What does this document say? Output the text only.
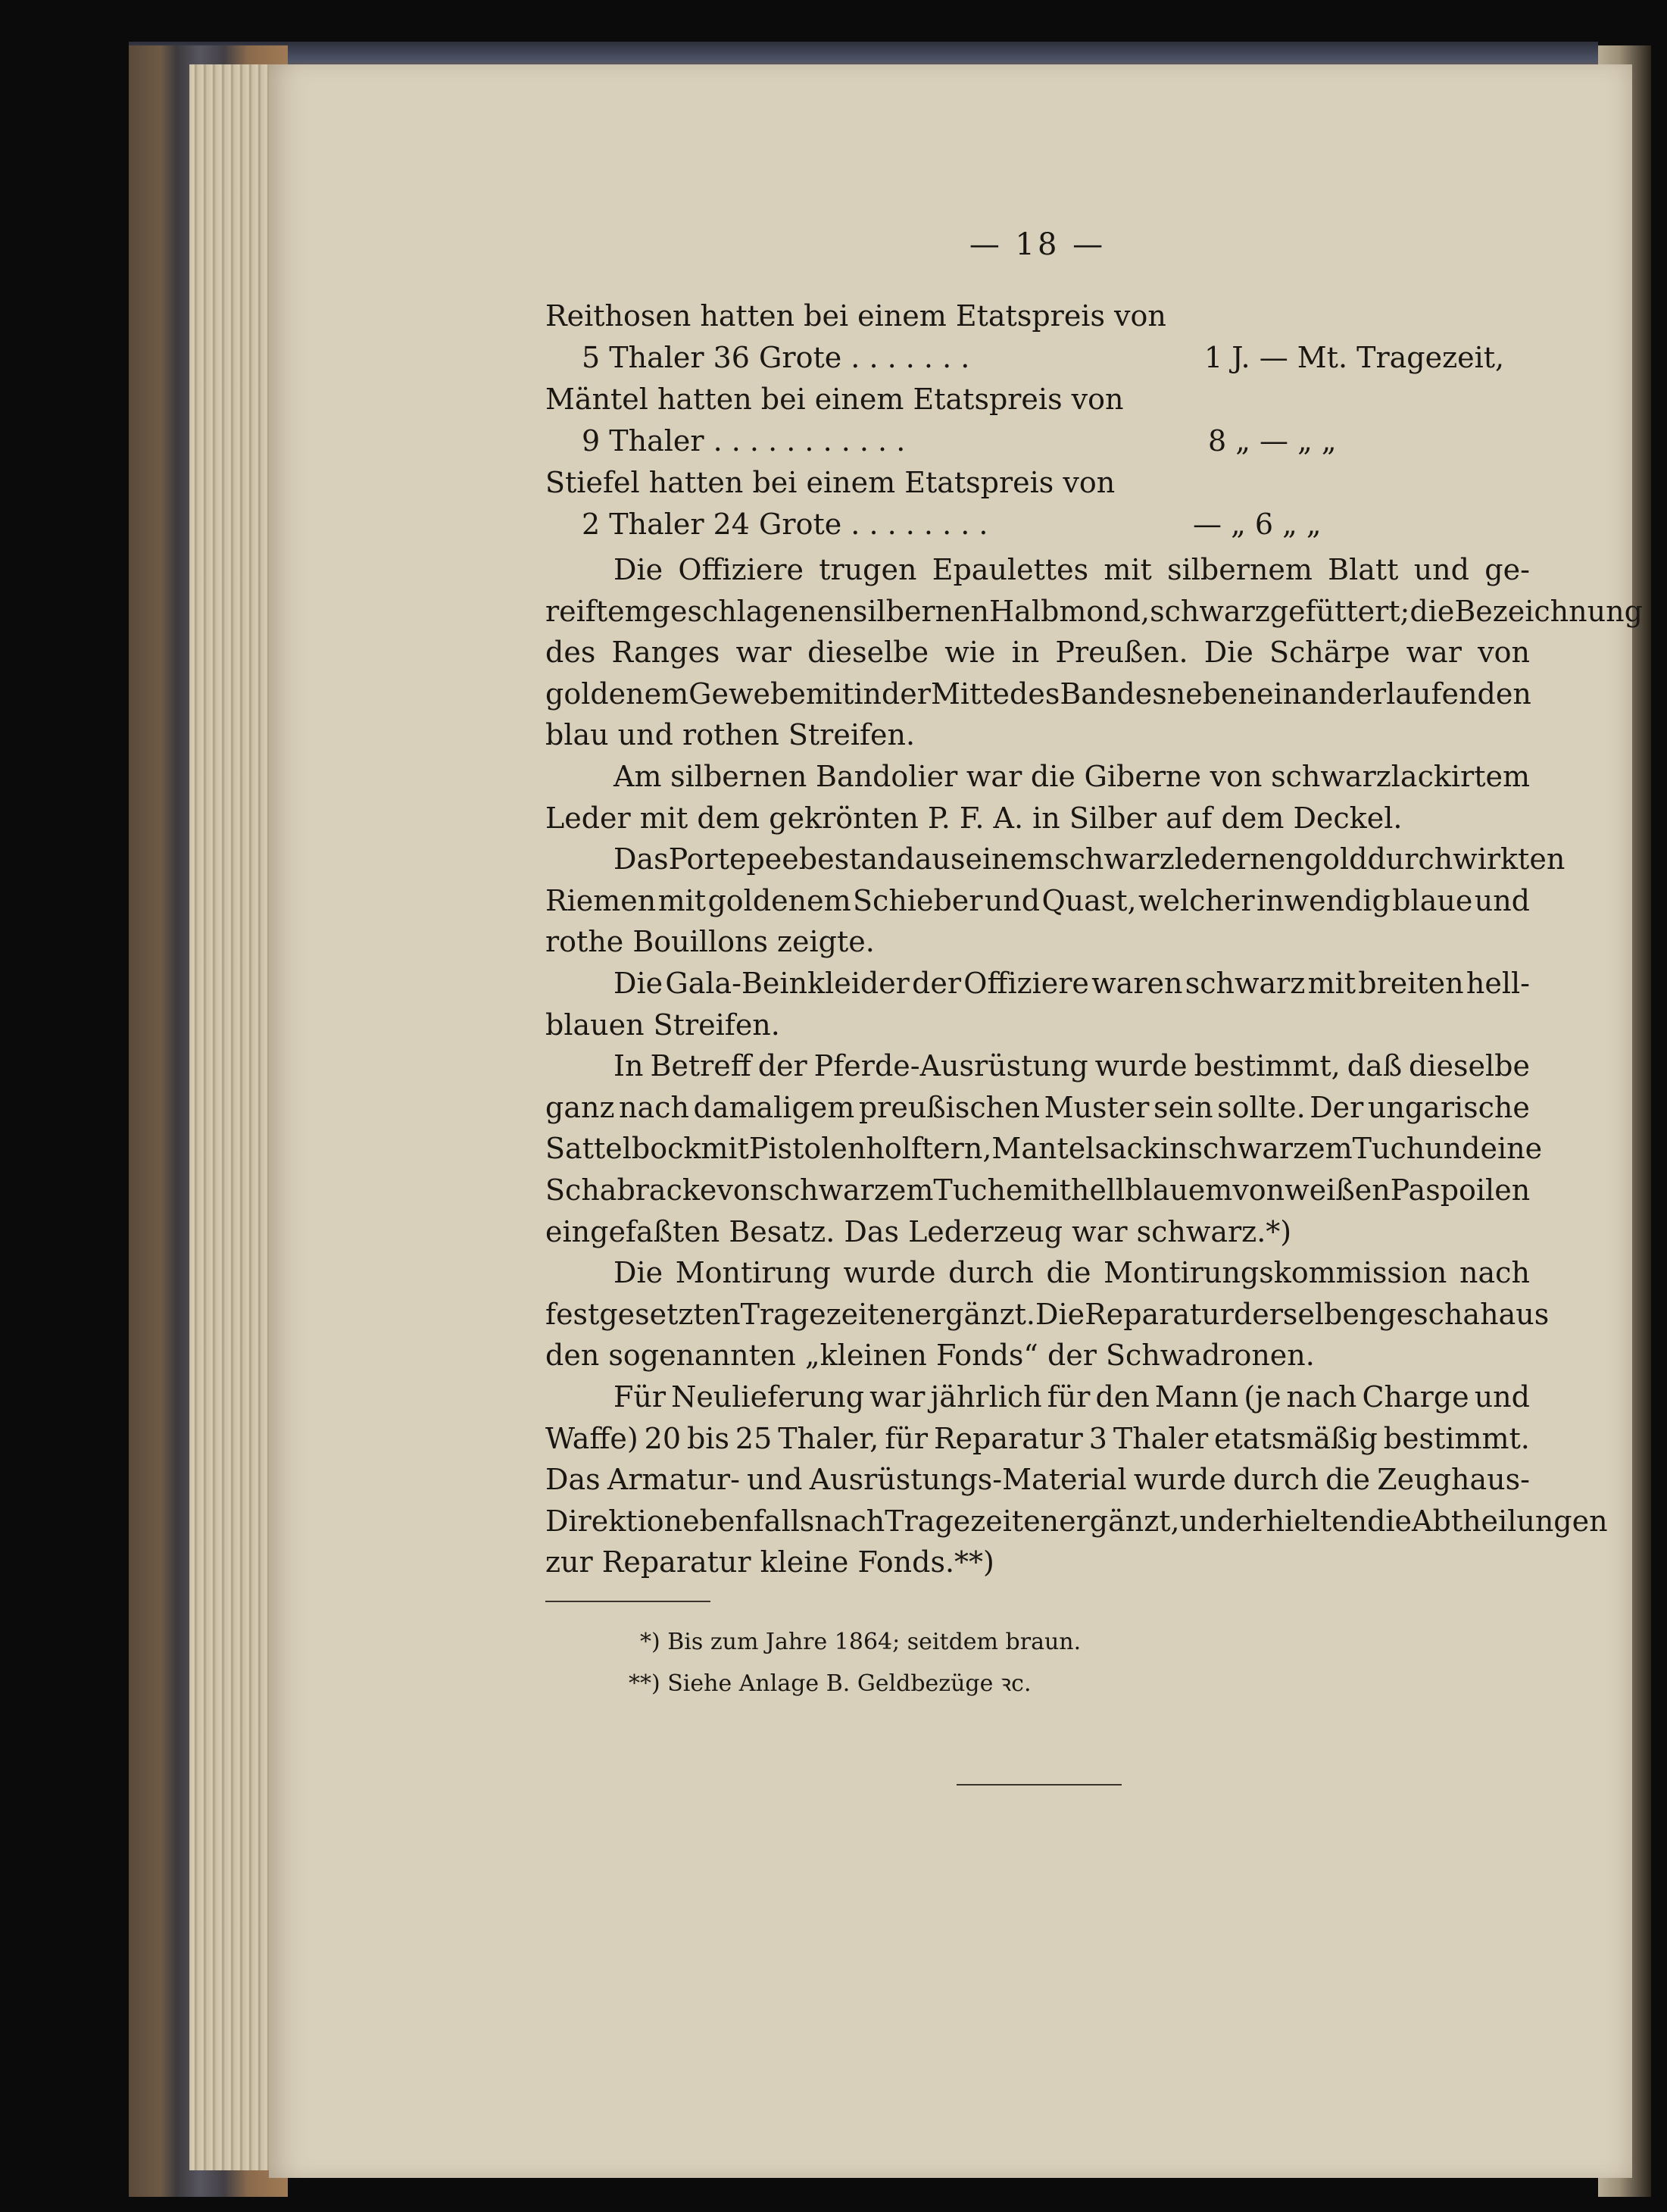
— 18 —
Reithosen hatten bei einem Etatspreis von
5 Thaler 36 Grote . . . . . . .	1 J. — Mt. Tragezeit,
Mäntel hatten bei einem Etatspreis von
9 Thaler . . . . . . . . . . .	8 „ — „ „
Stiefel hatten bei einem Etatspreis von
2 Thaler 24 Grote . . . . . . . .	— „ 6 „ „
Die Offiziere trugen Epaulettes mit silbernem Blatt und ge-
reiftem geschlagenen silbernen Halbmond, schwarz gefüttert; die Bezeichnung
des Ranges war dieselbe wie in Preußen. Die Schärpe war von
goldenem Gewebe mit in der Mitte des Bandes nebeneinanderlaufenden
blau und rothen Streifen.
Am silbernen Bandolier war die Giberne von schwarzlackirtem
Leder mit dem gekrönten P. F. A. in Silber auf dem Deckel.
Das Portepee bestand aus einem schwarzledernen golddurchwirkten
Riemen mit goldenem Schieber und Quast, welcher inwendig blaue und
rothe Bouillons zeigte.
Die Gala-Beinkleider der Offiziere waren schwarz mit breiten hell-
blauen Streifen.
In Betreff der Pferde-Ausrüstung wurde bestimmt, daß dieselbe
ganz nach damaligem preußischen Muster sein sollte. Der ungarische
Sattelbock mit Pistolenholftern, Mantelsack in schwarzem Tuch und eine
Schabracke von schwarzem Tuche mit hellblauem von weißen Paspoilen
eingefaßten Besatz. Das Lederzeug war schwarz.*)
Die Montirung wurde durch die Montirungskommission nach
festgesetzten Tragezeiten ergänzt. Die Reparatur derselben geschah aus
den sogenannten „kleinen Fonds“ der Schwadronen.
Für Neulieferung war jährlich für den Mann (je nach Charge und
Waffe) 20 bis 25 Thaler, für Reparatur 3 Thaler etatsmäßig bestimmt.
Das Armatur- und Ausrüstungs-Material wurde durch die Zeughaus-
Direktion ebenfalls nach Tragezeiten ergänzt, und erhielten die Abtheilungen
zur Reparatur kleine Fonds.**)
*) Bis zum Jahre 1864; seitdem braun.
**) Siehe Anlage B. Geldbezüge ꝛc.
